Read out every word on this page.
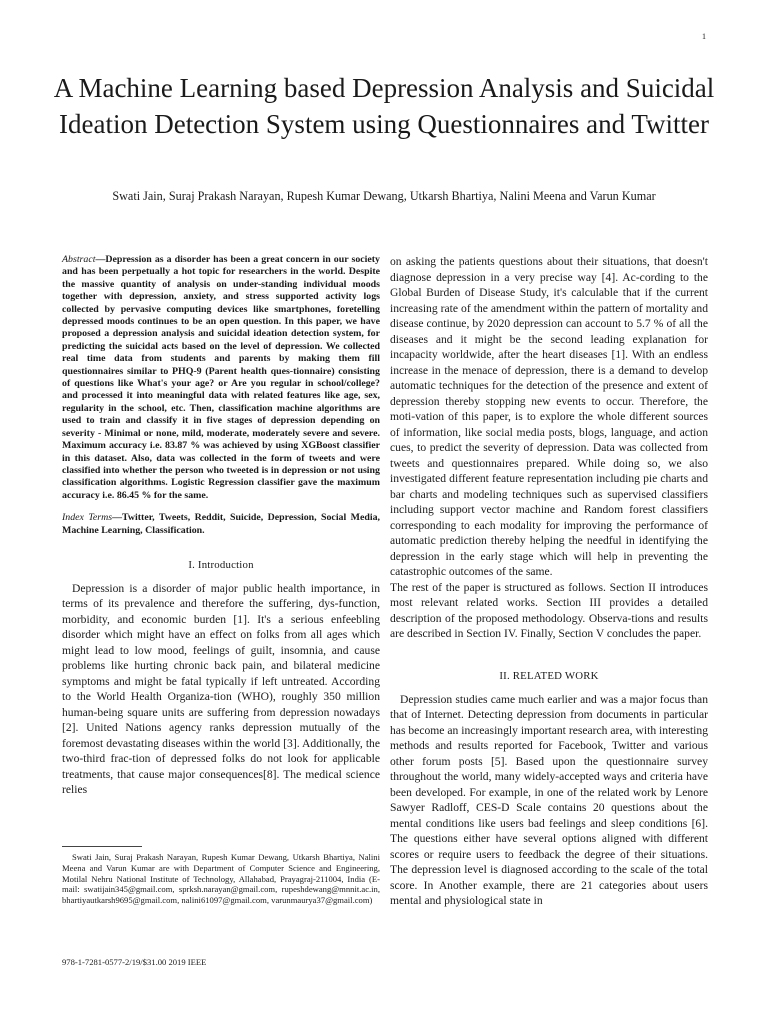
1
A Machine Learning based Depression Analysis and Suicidal Ideation Detection System using Questionnaires and Twitter

Swati Jain, Suraj Prakash Narayan, Rupesh Kumar Dewang, Utkarsh Bhartiya, Nalini Meena and Varun Kumar

Abstract—Depression as a disorder has been a great concern in our society and has been perpetually a hot topic for researchers in the world. Despite the massive quantity of analysis on under-standing individual moods together with depression, anxiety, and stress supported activity logs collected by pervasive computing devices like smartphones, foretelling depressed moods continues to be an open question. In this paper, we have proposed a depression analysis and suicidal ideation detection system, for predicting the suicidal acts based on the level of depression. We collected real time data from students and parents by making them fill questionnaires similar to PHQ-9 (Parent health ques-tionnaire) consisting of questions like What's your age? or Are you regular in school/college? and processed it into meaningful data with related features like age, sex, regularity in the school, etc. Then, classification machine algorithms are used to train and classify it in five stages of depression depending on severity - Minimal or none, mild, moderate, moderately severe and severe. Maximum accuracy i.e. 83.87 % was achieved by using XGBoost classifier in this dataset. Also, data was collected in the form of tweets and were classified into whether the person who tweeted is in depression or not using classification algorithms. Logistic Regression classifier gave the maximum accuracy i.e. 86.45 % for the same.

Index Terms—Twitter, Tweets, Reddit, Suicide, Depression, Social Media, Machine Learning, Classification.

I. Introduction

Depression is a disorder of major public health importance, in terms of its prevalence and therefore the suffering, dys-function, morbidity, and economic burden [1]. It's a serious enfeebling disorder which might have an effect on folks from all ages which might lead to low mood, feelings of guilt, insomnia, and cause problems like hurting chronic back pain, and bilateral medicine symptoms and might be fatal typically if left untreated. According to the World Health Organiza-tion (WHO), roughly 350 million human-being square units are suffering from depression nowadays [2]. United Nations agency ranks depression mutually of the foremost devastating diseases within the world [3]. Additionally, the two-third frac-tion of depressed folks do not look for applicable treatments, that cause major consequences[8]. The medical science relies

Swati Jain, Suraj Prakash Narayan, Rupesh Kumar Dewang, Utkarsh Bhartiya, Nalini Meena and Varun Kumar are with Department of Computer Science and Engineering, Motilal Nehru National Institute of Technology, Allahabad, Prayagraj-211004, India (E-mail: swatijain345@gmail.com, sprksh.narayan@gmail.com, rupeshdewang@mnnit.ac.in, bhartiyautkarsh9695@gmail.com, nalini61097@gmail.com, varunmaurya37@gmail.com)

978-1-7281-0577-2/19/$31.00 2019 IEEE

on asking the patients questions about their situations, that doesn't diagnose depression in a very precise way [4]. Ac-cording to the Global Burden of Disease Study, it's calculable that if the current increasing rate of the amendment within the pattern of mortality and disease continue, by 2020 depression can account to 5.7 % of all the diseases and it might be the second leading explanation for incapacity worldwide, after the heart diseases [1]. With an endless increase in the menace of depression, there is a demand to develop automatic techniques for the detection of the presence and extent of depression thereby stopping new events to occur. Therefore, the moti-vation of this paper, is to explore the whole different sources of information, like social media posts, blogs, language, and action cues, to predict the severity of depression. Data was collected from tweets and questionnaires prepared. While doing so, we also investigated different feature representation including pie charts and bar charts and modeling techniques such as supervised classifiers including support vector machine and Random forest classifiers corresponding to each modality for improving the performance of automatic prediction thereby helping the needful in identifying the depression in the early stage which will help in preventing the catastrophic outcomes of the same.

The rest of the paper is structured as follows. Section II introduces most relevant related works. Section III provides a detailed description of the proposed methodology. Observa-tions and results are described in Section IV. Finally, Section V concludes the paper.

II. RELATED WORK

Depression studies came much earlier and was a major focus than that of Internet. Detecting depression from documents in particular has become an increasingly important research area, with interesting methods and results reported for Facebook, Twitter and various other forum posts [5]. Based upon the questionnaire survey throughout the world, many widely-accepted ways and criteria have been developed. For example, in one of the related work by Lenore Sawyer Radloff, CES-D Scale contains 20 questions about the mental conditions like users bad feelings and sleep conditions [6]. The questions either have several options aligned with different scores or require users to feedback the degree of their situations. The depression level is diagnosed according to the scale of the total score. In Another example, there are 21 categories about users mental and physiological state in
